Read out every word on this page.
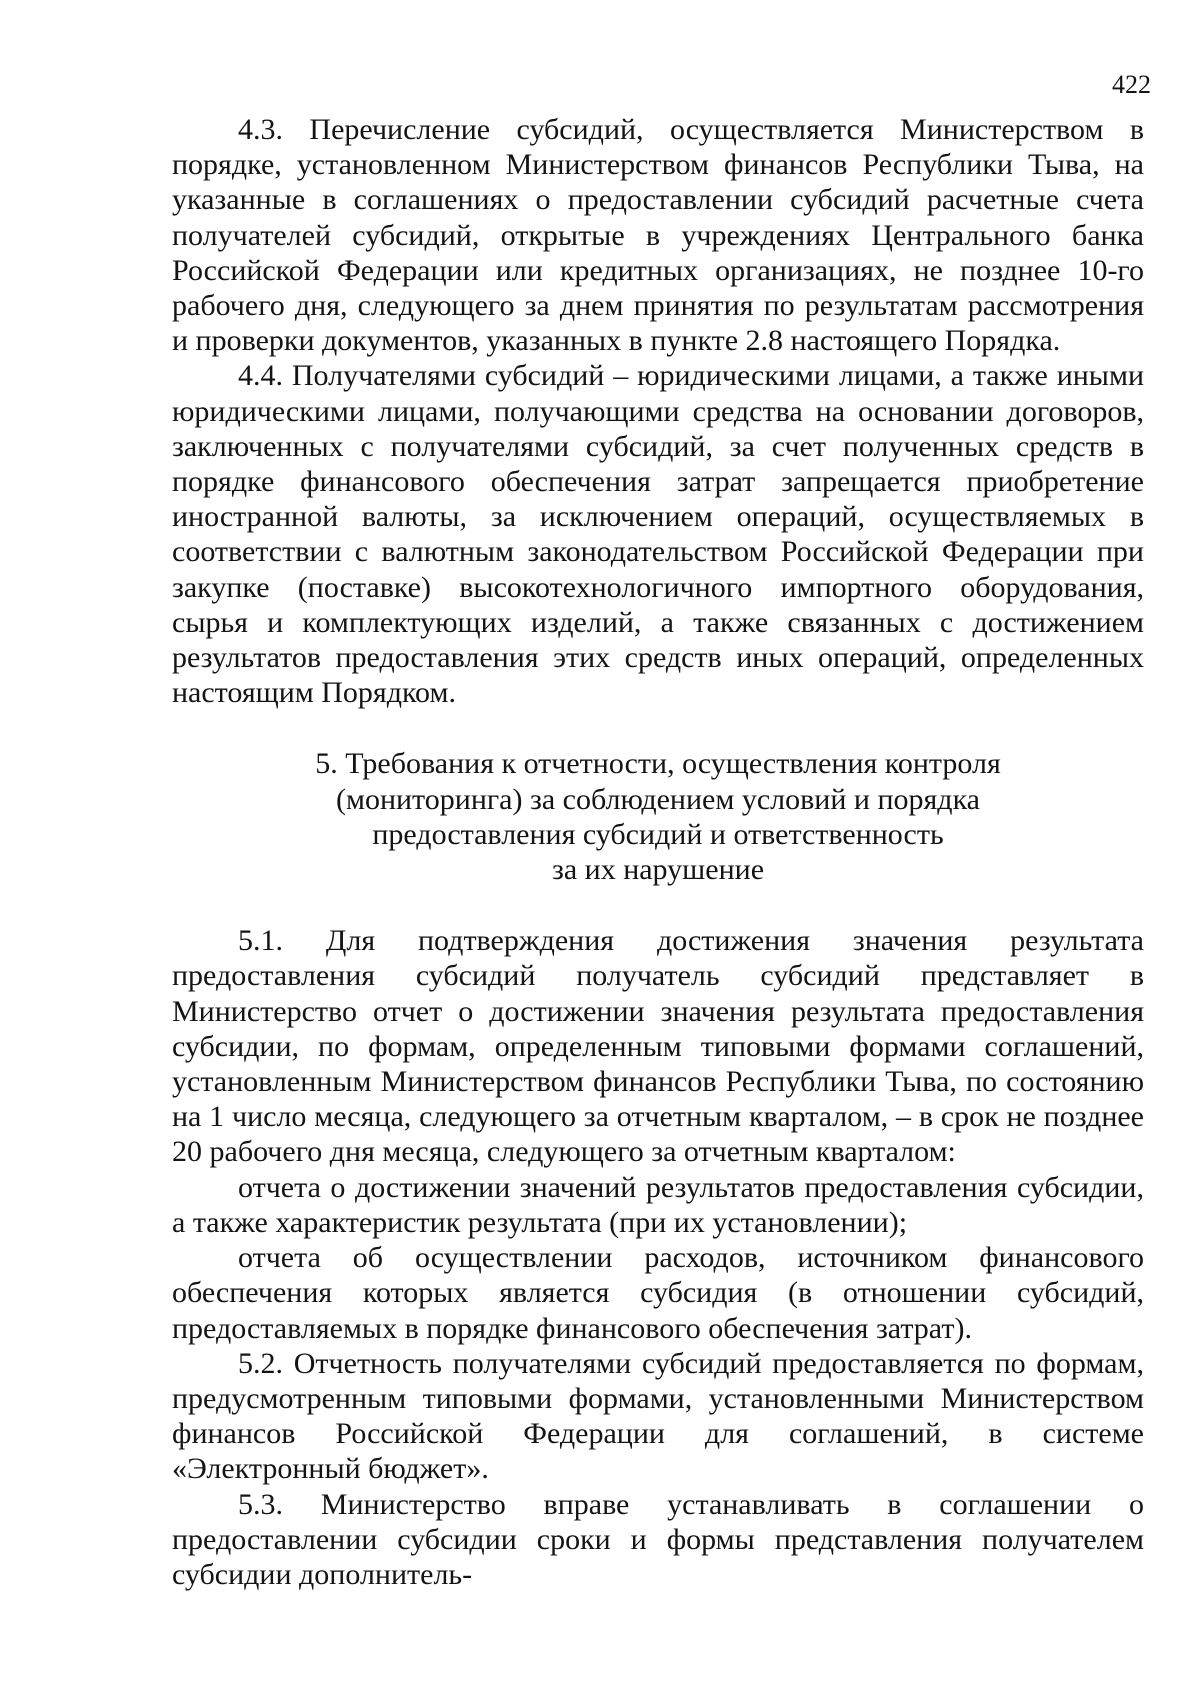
422

4.3. Перечисление субсидий, осуществляется Министерством в порядке, установленном Министерством финансов Республики Тыва, на указанные в соглашениях о предоставлении субсидий расчетные счета получателей субсидий, открытые в учреждениях Центрального банка Российской Федерации или кредитных организациях, не позднее 10-го рабочего дня, следующего за днем принятия по результатам рассмотрения и проверки документов, указанных в пункте 2.8 настоящего Порядка.

4.4. Получателями субсидий – юридическими лицами, а также иными юридическими лицами, получающими средства на основании договоров, заключенных с получателями субсидий, за счет полученных средств в порядке финансового обеспечения затрат запрещается приобретение иностранной валюты, за исключением операций, осуществляемых в соответствии с валютным законодательством Российской Федерации при закупке (поставке) высокотехнологичного импортного оборудования, сырья и комплектующих изделий, а также связанных с достижением результатов предоставления этих средств иных операций, определенных настоящим Порядком.

5. Требования к отчетности, осуществления контроля
(мониторинга) за соблюдением условий и порядка
предоставления субсидий и ответственность
за их нарушение

5.1. Для подтверждения достижения значения результата предоставления субсидий получатель субсидий представляет в Министерство отчет о достижении значения результата предоставления субсидии, по формам, определенным типовыми формами соглашений, установленным Министерством финансов Республики Тыва, по состоянию на 1 число месяца, следующего за отчетным кварталом, – в срок не позднее 20 рабочего дня месяца, следующего за отчетным кварталом:

отчета о достижении значений результатов предоставления субсидии, а также характеристик результата (при их установлении);

отчета об осуществлении расходов, источником финансового обеспечения которых является субсидия (в отношении субсидий, предоставляемых в порядке финансового обеспечения затрат).

5.2. Отчетность получателями субсидий предоставляется по формам, предусмотренным типовыми формами, установленными Министерством финансов Российской Федерации для соглашений, в системе «Электронный бюджет».

5.3. Министерство вправе устанавливать в соглашении о предоставлении субсидии сроки и формы представления получателем субсидии дополнитель-
